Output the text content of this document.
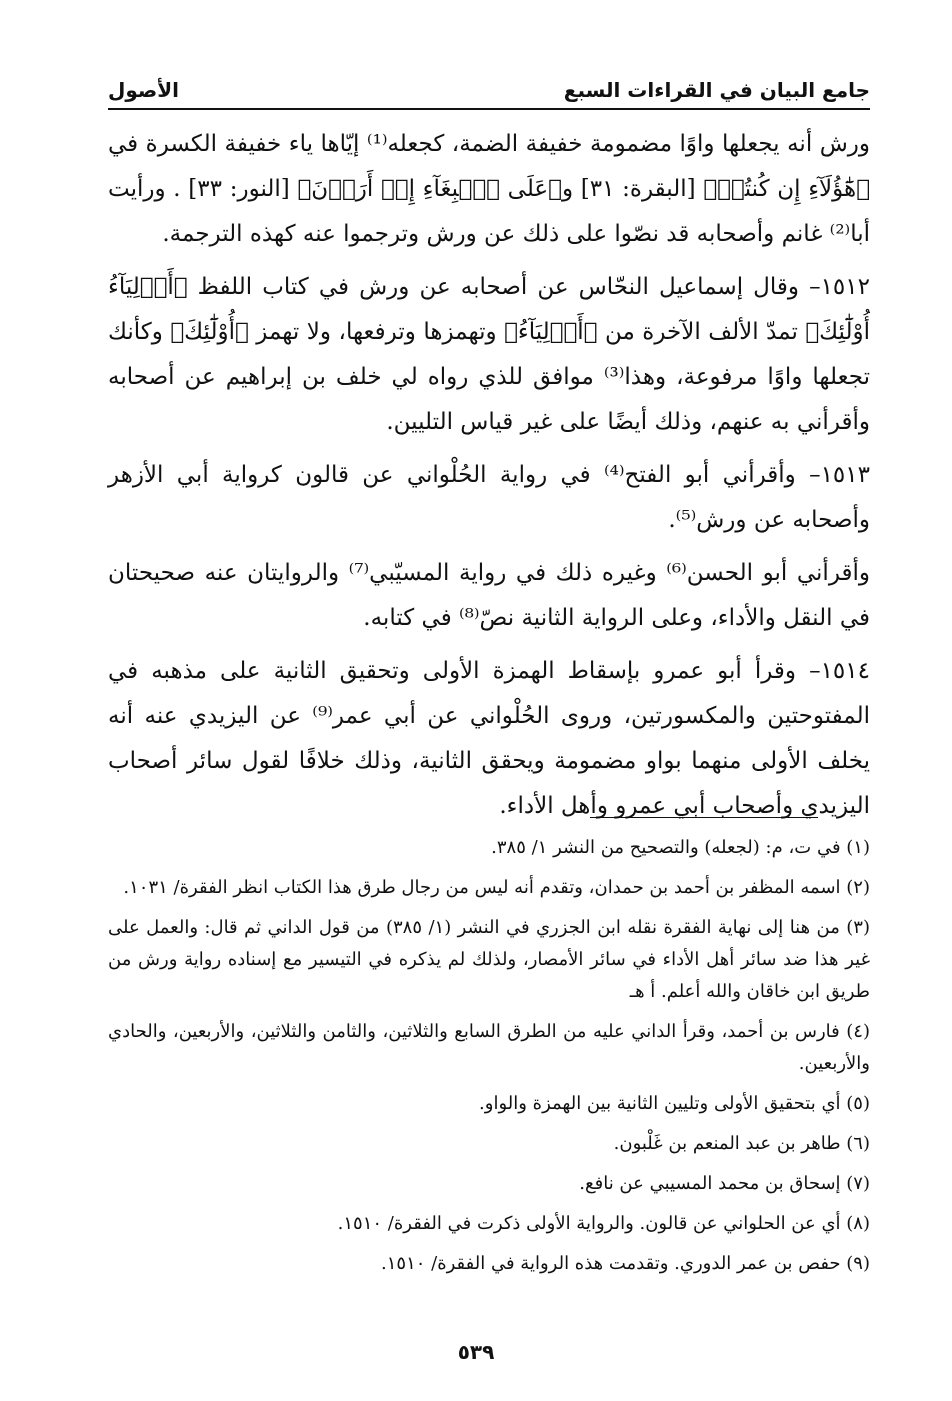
جامع البيان في القراءات السبع
الأصول

ورش أنه يجعلها واوًا مضمومة خفيفة الضمة، كجعله⁽¹⁾ إيّاها ياء خفيفة الكسرة في ﴿هَٰٓؤُلَآءِ إِن كُنتُمۡ﴾ [البقرة: ٣١] و﴿عَلَى ٱلۡبِغَآءِ إِنۡ أَرَدۡنَ﴾ [النور: ٣٣] . ورأيت أبا⁽²⁾ غانم وأصحابه قد نصّوا على ذلك عن ورش وترجموا عنه كهذه الترجمة.

١٥١٢– وقال إسماعيل النحّاس عن أصحابه عن ورش في كتاب اللفظ ﴿أَوۡلِيَآءُ أُوْلَٰٓئِكَ﴾ تمدّ الألف الآخرة من ﴿أَوۡلِيَآءُ﴾ وتهمزها وترفعها، ولا تهمز ﴿أُوْلَٰٓئِكَ﴾ وكأنك تجعلها واوًا مرفوعة، وهذا⁽³⁾ موافق للذي رواه لي خلف بن إبراهيم عن أصحابه وأقرأني به عنهم، وذلك أيضًا على غير قياس التليين.

١٥١٣– وأقرأني أبو الفتح⁽⁴⁾ في رواية الحُلْواني عن قالون كرواية أبي الأزهر وأصحابه عن ورش⁽⁵⁾.

وأقرأني أبو الحسن⁽⁶⁾ وغيره ذلك في رواية المسيّبي⁽⁷⁾ والروايتان عنه صحيحتان في النقل والأداء، وعلى الرواية الثانية نصّ⁽⁸⁾ في كتابه.

١٥١٤– وقرأ أبو عمرو بإسقاط الهمزة الأولى وتحقيق الثانية على مذهبه في المفتوحتين والمكسورتين، وروى الحُلْواني عن أبي عمر⁽⁹⁾ عن اليزيدي عنه أنه يخلف الأولى منهما بواو مضمومة ويحقق الثانية، وذلك خلافًا لقول سائر أصحاب اليزيدي وأصحاب أبي عمرو وأهل الأداء.

(١) في ت، م: (لجعله) والتصحيح من النشر ١/ ٣٨٥.

(٢) اسمه المظفر بن أحمد بن حمدان، وتقدم أنه ليس من رجال طرق هذا الكتاب انظر الفقرة/ ١٠٣١.

(٣) من هنا إلى نهاية الفقرة نقله ابن الجزري في النشر (١/ ٣٨٥) من قول الداني ثم قال: والعمل على غير هذا ضد سائر أهل الأداء في سائر الأمصار، ولذلك لم يذكره في التيسير مع إسناده رواية ورش من طريق ابن خاقان والله أعلم. أ هـ

(٤) فارس بن أحمد، وقرأ الداني عليه من الطرق السابع والثلاثين، والثامن والثلاثين، والأربعين، والحادي والأربعين.

(٥) أي بتحقيق الأولى وتليين الثانية بين الهمزة والواو.

(٦) طاهر بن عبد المنعم بن غَلْبون.

(٧) إسحاق بن محمد المسيبي عن نافع.

(٨) أي عن الحلواني عن قالون. والرواية الأولى ذكرت في الفقرة/ ١٥١٠.

(٩) حفص بن عمر الدوري. وتقدمت هذه الرواية في الفقرة/ ١٥١٠.

٥٣٩
